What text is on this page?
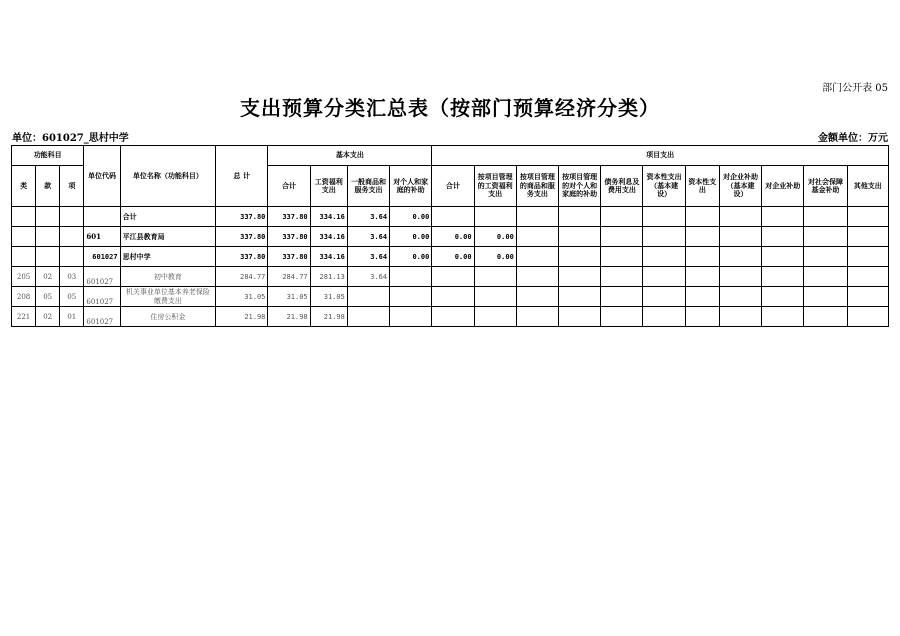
部门公开表 05
支出预算分类汇总表（按部门预算经济分类）
单位：601027_思村中学	金额单位：万元
功能科目			单位代码	单位名称（功能科目）	总 计	基本支出				项目支出										
类	款	项				合计	工资福利支出	一般商品和服务支出	对个人和家庭的补助	合计	按项目管理的工资福利支出	按项目管理的商品和服务支出	按项目管理的对个人和家庭的补助	债务利息及费用支出	资本性支出（基本建设）	资本性支出	对企业补助（基本建设）	对企业补助	对社会保障基金补助	其他支出
				合计	337.80	337.80	334.16	3.64	0.00											
			601	平江县教育局	337.80	337.80	334.16	3.64	0.00	0.00	0.00									
			601027	思村中学	337.80	337.80	334.16	3.64	0.00	0.00	0.00									
205	02	03	601027	初中教育	284.77	284.77	281.13	3.64												
208	05	05	601027	机关事业单位基本养老保险缴费支出	31.05	31.05	31.05													
221	02	01	601027	住房公积金	21.98	21.98	21.98													
